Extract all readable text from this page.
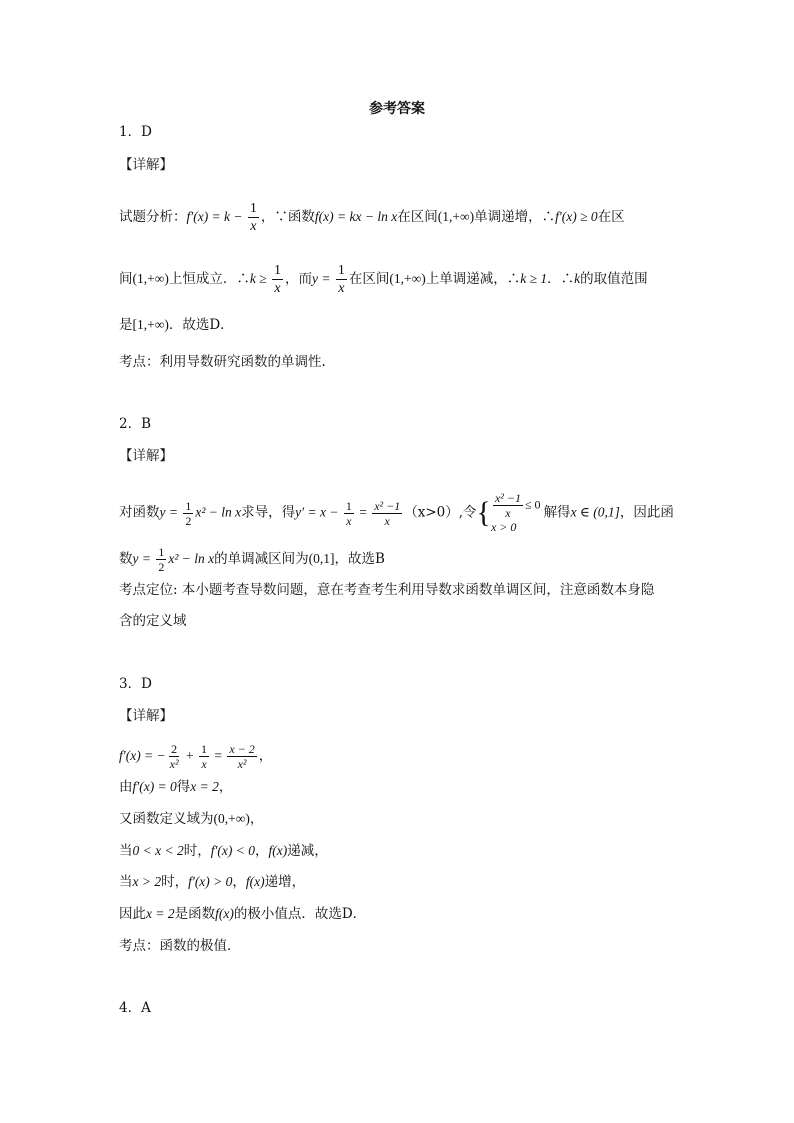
参考答案
1．D
【详解】
试题分析：$f'(x) = k - \frac{1}{x}$ ，∵函数f(x) = kx − ln x在区间(1,+∞)单调递增，∴f′(x) ≥ 0在区
间(1,+∞)上恒成立．∴k ≥ $\frac{1}{x}$ ，而$y = \frac{1}{x}$ 在区间(1,+∞)上单调递减，∴k ≥ 1．∴k的取值范围
是[1,+∞)．故选D．
考点：利用导数研究函数的单调性.
2．B
【详解】
对函数$y = \frac{1}{2} x^2 - \ln x$求导，得$y' = x - \frac{1}{x} = \frac{\text{x² −1}}{x} (x>0)$,令{ $\frac{\text{x² −1}}{x} \le 0$
x > 0
解得x ∈ (0,1]，因此函
数$y = \frac{1}{2} x^2 - \ln x$的单调减区间为(0,1]，故选B
考点定位: 本小题考查导数问题，意在考查考生利用导数求函数单调区间，注意函数本身隐
含的定义域
3．D
【详解】
f′(x) = − $\frac{2}{\text{x²}} + \frac{1}{x} = \frac{x - 2}{\text{x²}}$ ，
由f′(x) = 0得x = 2，
又函数定义域为(0,+∞)，
当0 < x < 2时，f′(x) < 0，f(x)递减，
当x > 2时，f′(x) > 0，f(x)递增，
因此x = 2是函数f(x)的极小值点．故选D．
考点：函数的极值．
4．A
